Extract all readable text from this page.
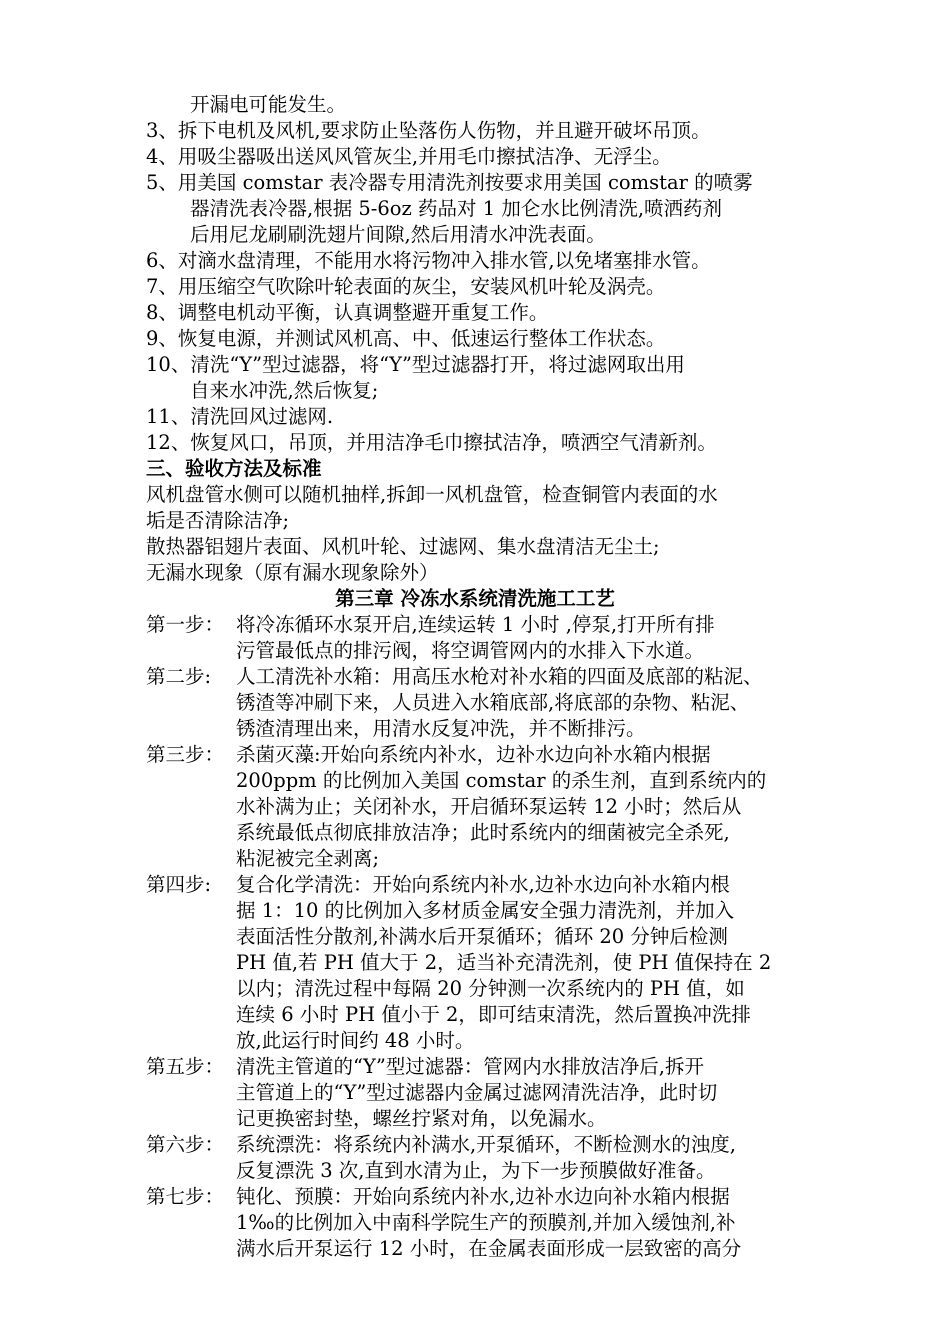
开漏电可能发生。
3、拆下电机及风机,要求防止坠落伤人伤物，并且避开破坏吊顶。
4、用吸尘器吸出送风风管灰尘,并用毛巾擦拭洁净、无浮尘。
5、用美国 comstar 表冷器专用清洗剂按要求用美国 comstar 的喷雾
器清洗表冷器,根据 5-6oz 药品对 1 加仑水比例清洗,喷洒药剂
后用尼龙刷刷洗翅片间隙,然后用清水冲洗表面。
6、对滴水盘清理，不能用水将污物冲入排水管,以免堵塞排水管。
7、用压缩空气吹除叶轮表面的灰尘，安装风机叶轮及涡壳。
8、调整电机动平衡，认真调整避开重复工作。
9、恢复电源，并测试风机高、中、低速运行整体工作状态。
10、清洗“Y”型过滤器，将“Y”型过滤器打开，将过滤网取出用
自来水冲洗,然后恢复;
11、清洗回风过滤网.
12、恢复风口，吊顶，并用洁净毛巾擦拭洁净，喷洒空气清新剂。
三、验收方法及标准
风机盘管水侧可以随机抽样,拆卸一风机盘管，检查铜管内表面的水
垢是否清除洁净;
散热器铝翅片表面、风机叶轮、过滤网、集水盘清洁无尘土;
无漏水现象（原有漏水现象除外）
第三章 冷冻水系统清洗施工工艺
第一步： 将冷冻循环水泵开启,连续运转 1 小时 ,停泵,打开所有排
污管最低点的排污阀，将空调管网内的水排入下水道。
第二步: 人工清洗补水箱：用高压水枪对补水箱的四面及底部的粘泥、
锈渣等冲刷下来，人员进入水箱底部,将底部的杂物、粘泥、
锈渣清理出来，用清水反复冲洗，并不断排污。
第三步： 杀菌灭藻:开始向系统内补水，边补水边向补水箱内根据
200ppm 的比例加入美国 comstar 的杀生剂，直到系统内的
水补满为止；关闭补水，开启循环泵运转 12 小时；然后从
系统最低点彻底排放洁净；此时系统内的细菌被完全杀死,
粘泥被完全剥离;
第四步: 复合化学清洗：开始向系统内补水,边补水边向补水箱内根
据 1：10 的比例加入多材质金属安全强力清洗剂，并加入
表面活性分散剂,补满水后开泵循环；循环 20 分钟后检测
PH 值,若 PH 值大于 2，适当补充清洗剂，使 PH 值保持在 2
以内；清洗过程中每隔 20 分钟测一次系统内的 PH 值，如
连续 6 小时 PH 值小于 2，即可结束清洗，然后置换冲洗排
放,此运行时间约 48 小时。
第五步： 清洗主管道的“Y”型过滤器：管网内水排放洁净后,拆开
主管道上的“Y”型过滤器内金属过滤网清洗洁净，此时切
记更换密封垫，螺丝拧紧对角，以免漏水。
第六步： 系统漂洗：将系统内补满水,开泵循环，不断检测水的浊度,
反复漂洗 3 次,直到水清为止，为下一步预膜做好准备。
第七步： 钝化、预膜：开始向系统内补水,边补水边向补水箱内根据
1‰的比例加入中南科学院生产的预膜剂,并加入缓蚀剂,补
满水后开泵运行 12 小时，在金属表面形成一层致密的高分
